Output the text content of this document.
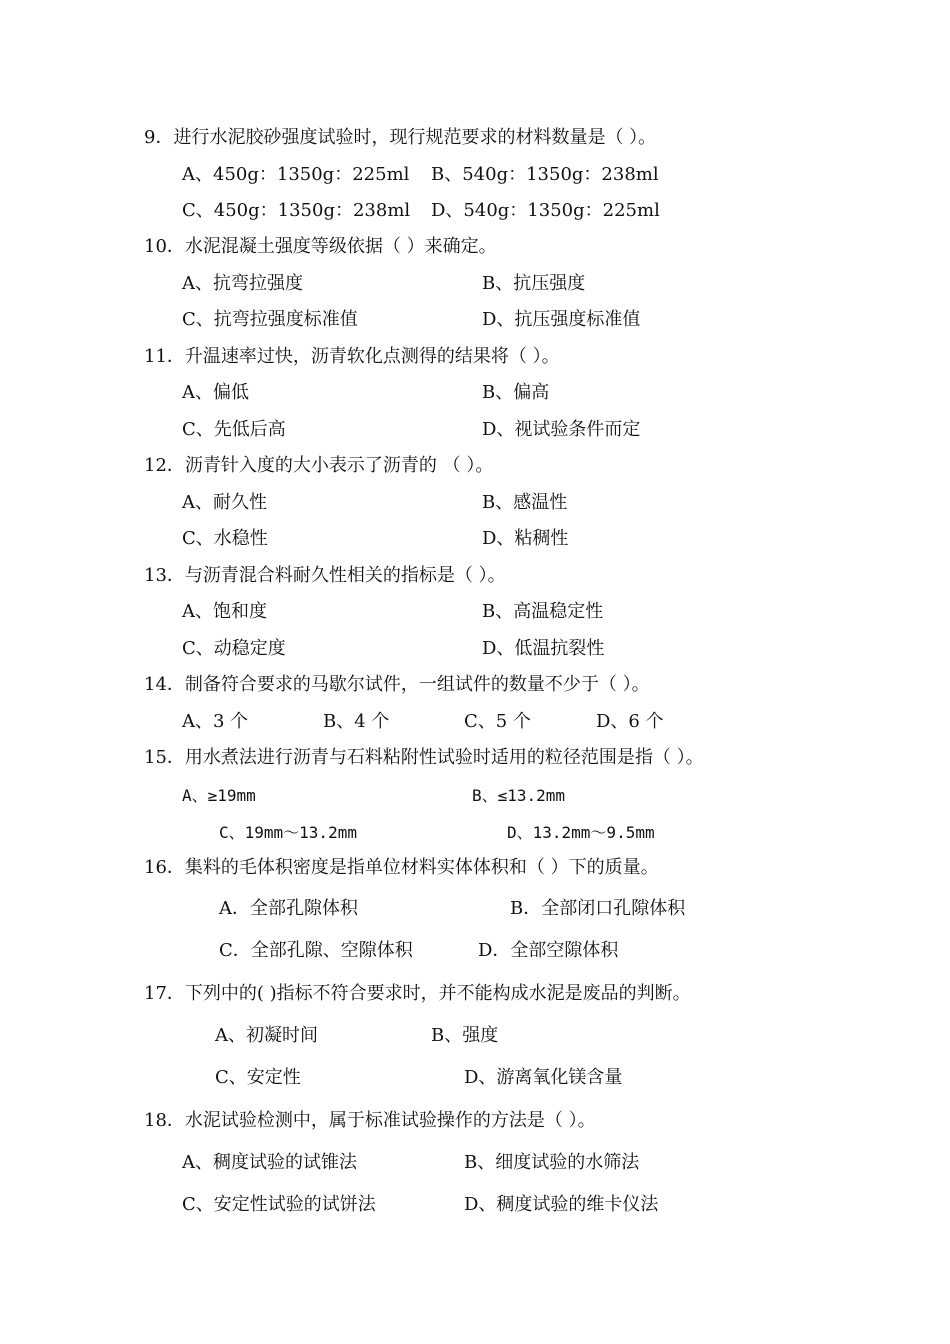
9．进行水泥胶砂强度试验时，现行规范要求的材料数量是（ ）。
A、450g：1350g：225ml B、540g：1350g：238ml
C、450g：1350g：238ml D、540g：1350g：225ml
10．水泥混凝土强度等级依据（ ）来确定。
A、抗弯拉强度	B、抗压强度
C、抗弯拉强度标准值	D、抗压强度标准值
11．升温速率过快，沥青软化点测得的结果将（ ）。
A、偏低	B、偏高
C、先低后高	D、视试验条件而定
12．沥青针入度的大小表示了沥青的 （ ）。
A、耐久性	B、感温性
C、水稳性	D、粘稠性
13．与沥青混合料耐久性相关的指标是（ ）。
A、饱和度	B、高温稳定性
C、动稳定度	D、低温抗裂性
14．制备符合要求的马歇尔试件，一组试件的数量不少于（ ）。
A、3 个	B、4 个	C、5 个	D、6 个
15．用水煮法进行沥青与石料粘附性试验时适用的粒径范围是指（ ）。
A、≥19mm	B、≤13.2mm
C、19mm～13.2mm	D、13.2mm～9.5mm
16．集料的毛体积密度是指单位材料实体体积和（ ）下的质量。
A．全部孔隙体积	B．全部闭口孔隙体积
C．全部孔隙、空隙体积	D．全部空隙体积
17．下列中的( )指标不符合要求时，并不能构成水泥是废品的判断。
A、初凝时间	B、强度
C、安定性	D、游离氧化镁含量
18．水泥试验检测中，属于标准试验操作的方法是（ ）。
A、稠度试验的试锥法	B、细度试验的水筛法
C、安定性试验的试饼法	D、稠度试验的维卡仪法
